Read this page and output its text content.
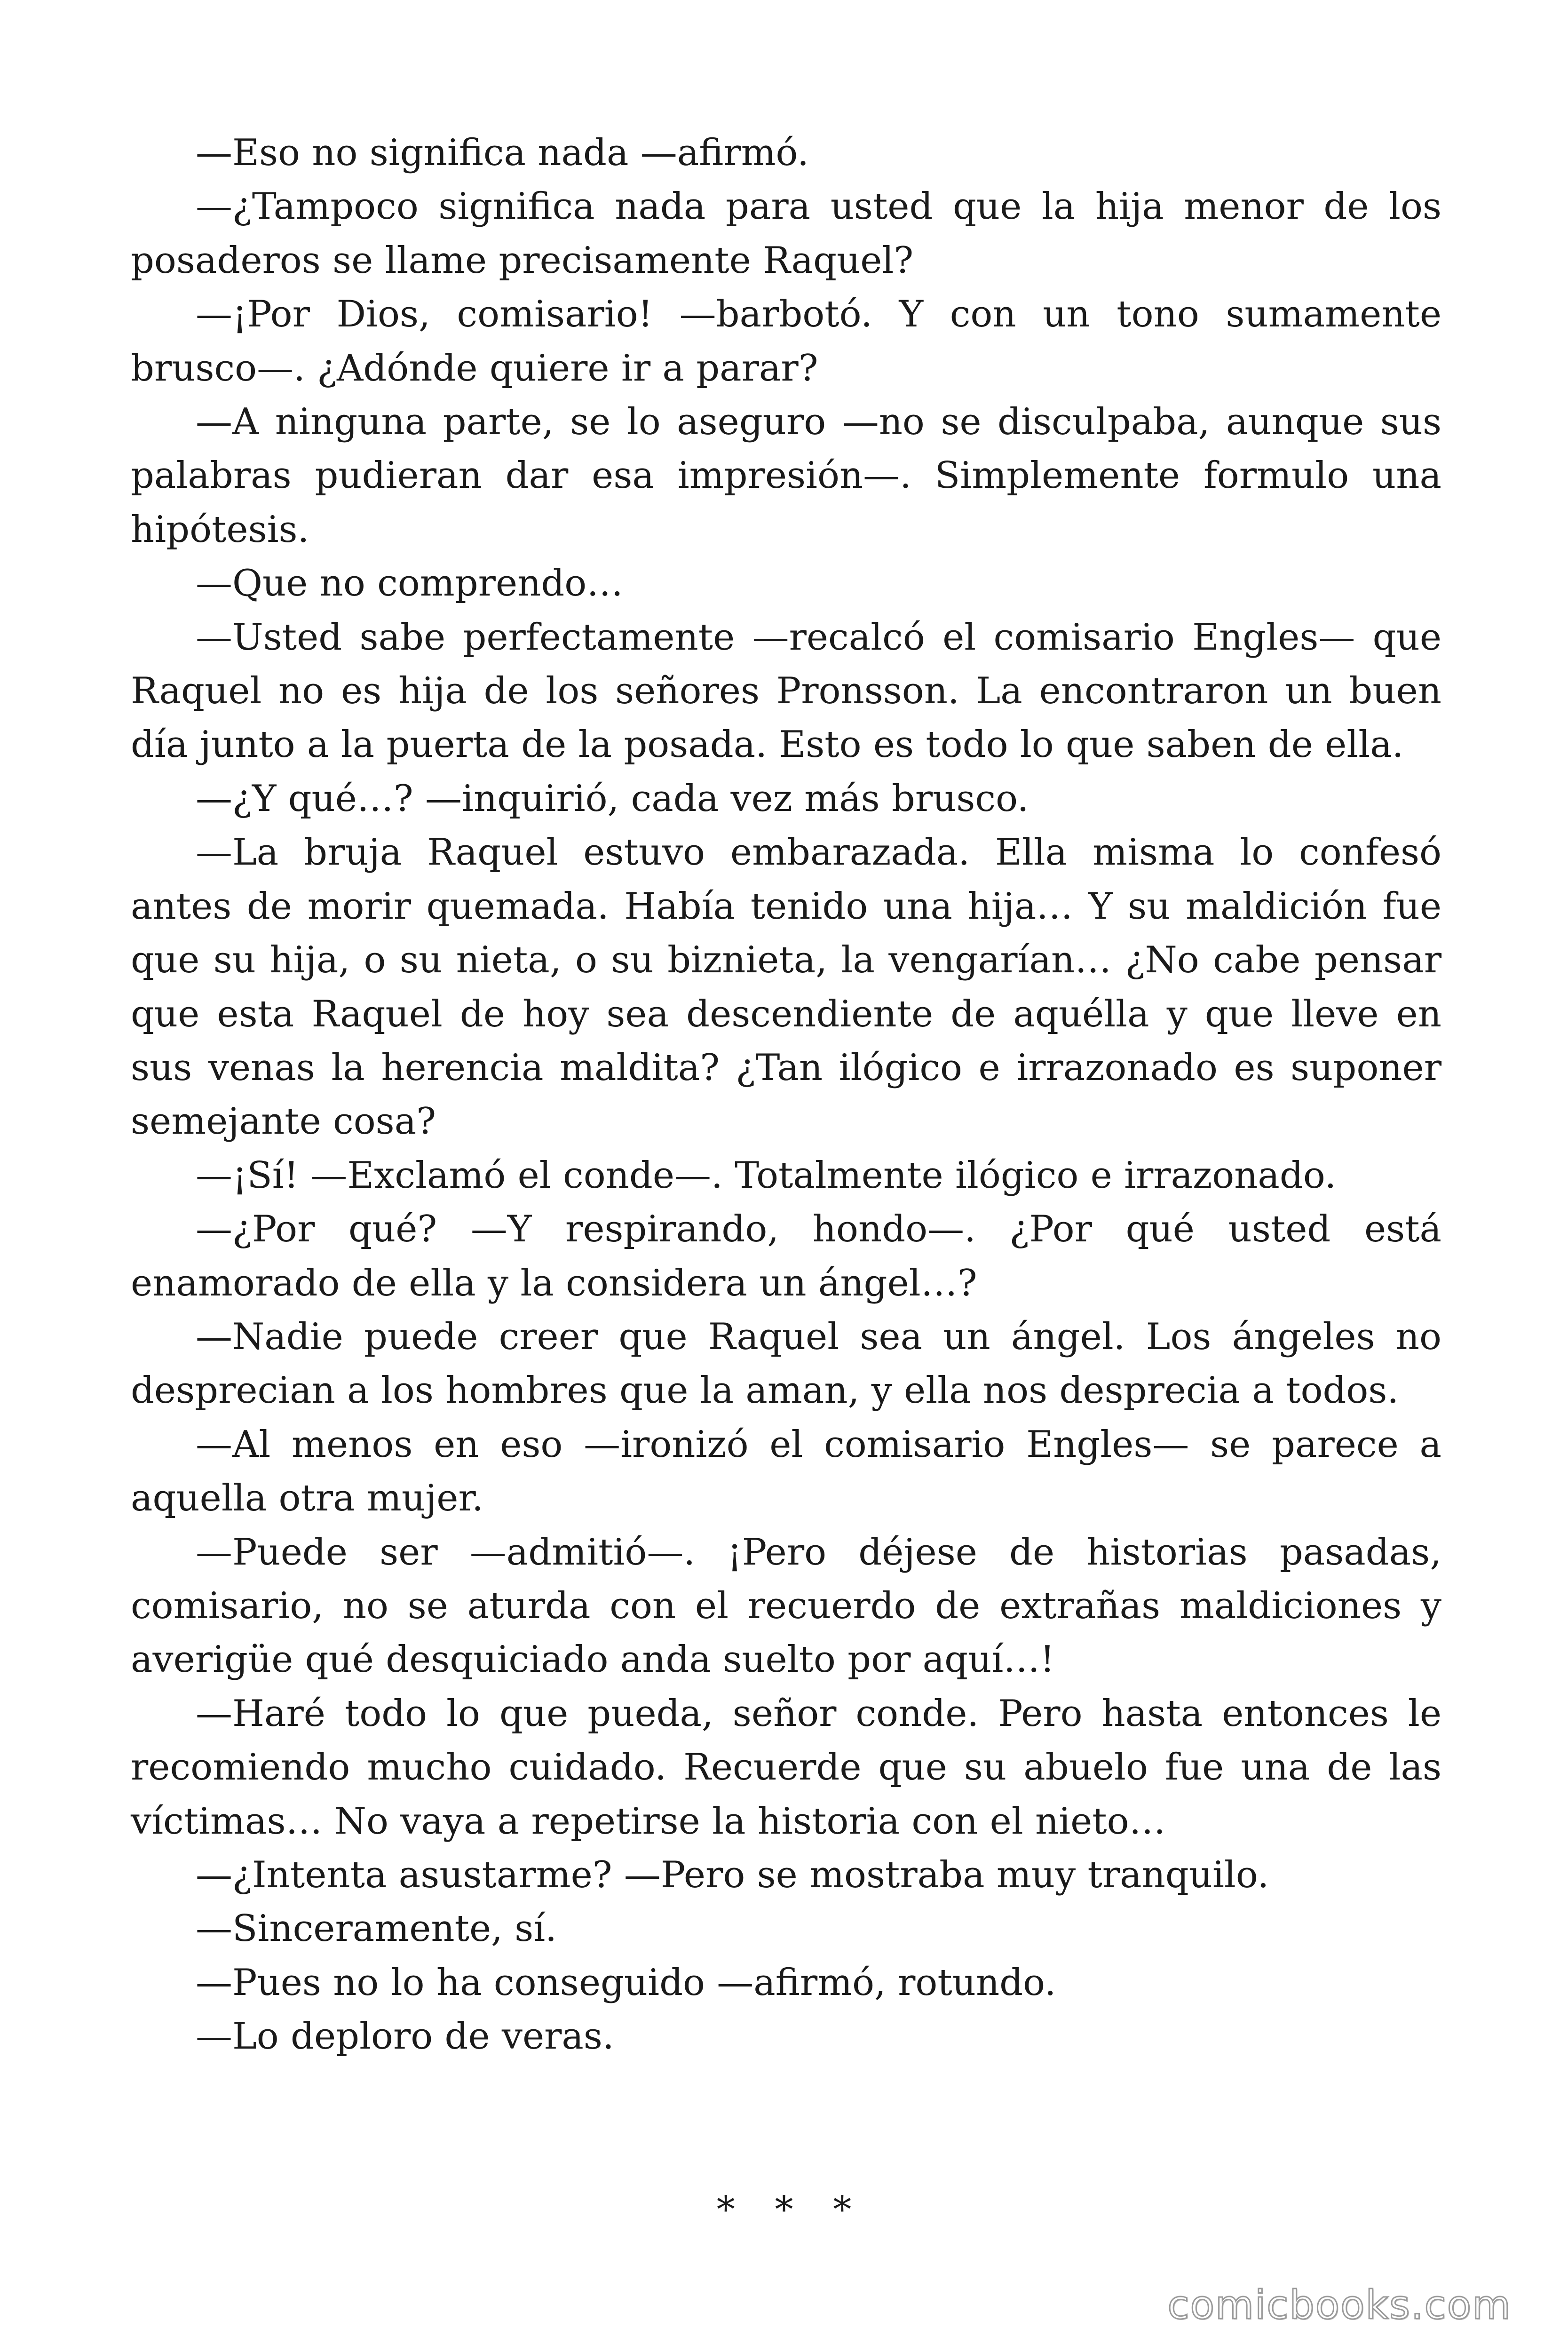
—Eso no significa nada —afirmó.

—¿Tampoco significa nada para usted que la hija menor de los posaderos se llame precisamente Raquel?

—¡Por Dios, comisario! —barbotó. Y con un tono sumamente brusco—. ¿Adónde quiere ir a parar?

—A ninguna parte, se lo aseguro —no se disculpaba, aunque sus palabras pudieran dar esa impresión—. Simplemente formulo una hipótesis.

—Que no comprendo…

—Usted sabe perfectamente —recalcó el comisario Engles— que Raquel no es hija de los señores Pronsson. La encontraron un buen día junto a la puerta de la posada. Esto es todo lo que saben de ella.

—¿Y qué…? —inquirió, cada vez más brusco.

—La bruja Raquel estuvo embarazada. Ella misma lo confesó antes de morir quemada. Había tenido una hija… Y su maldición fue que su hija, o su nieta, o su biznieta, la vengarían… ¿No cabe pensar que esta Raquel de hoy sea descendiente de aquélla y que lleve en sus venas la herencia maldita? ¿Tan ilógico e irrazonado es suponer semejante cosa?

—¡Sí! —Exclamó el conde—. Totalmente ilógico e irrazonado.

—¿Por qué? —Y respirando, hondo—. ¿Por qué usted está enamorado de ella y la considera un ángel…?

—Nadie puede creer que Raquel sea un ángel. Los ángeles no desprecian a los hombres que la aman, y ella nos desprecia a todos.

—Al menos en eso —ironizó el comisario Engles— se parece a aquella otra mujer.

—Puede ser —admitió—. ¡Pero déjese de historias pasadas, comisario, no se aturda con el recuerdo de extrañas maldiciones y averigüe qué desquiciado anda suelto por aquí…!

—Haré todo lo que pueda, señor conde. Pero hasta entonces le recomiendo mucho cuidado. Recuerde que su abuelo fue una de las víctimas… No vaya a repetirse la historia con el nieto…

—¿Intenta asustarme? —Pero se mostraba muy tranquilo.

—Sinceramente, sí.

—Pues no lo ha conseguido —afirmó, rotundo.

—Lo deploro de veras.

* * *
comicbooks.com
